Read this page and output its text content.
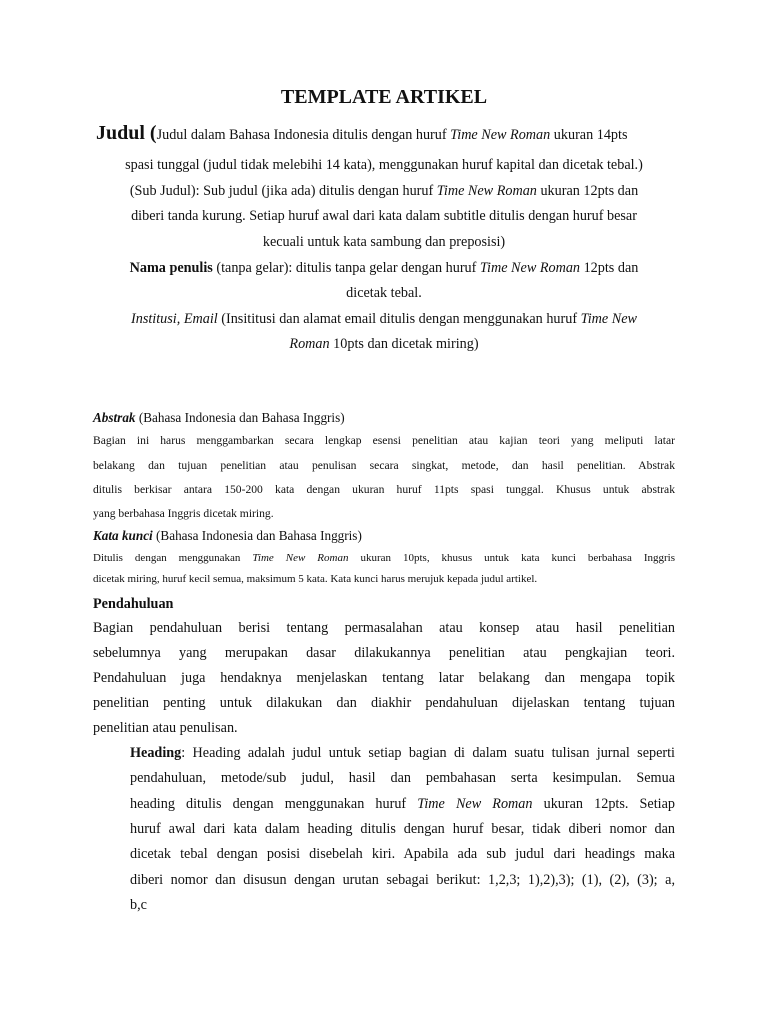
TEMPLATE ARTIKEL
Judul (Judul dalam Bahasa Indonesia ditulis dengan huruf Time New Roman ukuran 14pts
spasi tunggal (judul tidak melebihi 14 kata), menggunakan huruf kapital dan dicetak tebal.)
(Sub Judul): Sub judul (jika ada) ditulis dengan huruf Time New Roman ukuran 12pts dan
diberi tanda kurung. Setiap huruf awal dari kata dalam subtitle ditulis dengan huruf besar
kecuali untuk kata sambung dan preposisi)
Nama penulis (tanpa gelar): ditulis tanpa gelar dengan huruf Time New Roman 12pts dan
dicetak tebal.
Institusi, Email (Insititusi dan alamat email ditulis dengan menggunakan huruf Time New
Roman 10pts dan dicetak miring)
Abstrak (Bahasa Indonesia dan Bahasa Inggris)
Bagian ini harus menggambarkan secara lengkap esensi penelitian atau kajian teori yang meliputi latar
belakang dan tujuan penelitian atau penulisan secara singkat, metode, dan hasil penelitian. Abstrak
ditulis berkisar antara 150-200 kata dengan ukuran huruf 11pts spasi tunggal. Khusus untuk abstrak
yang berbahasa Inggris dicetak miring.
Kata kunci (Bahasa Indonesia dan Bahasa Inggris)
Ditulis dengan menggunakan Time New Roman ukuran 10pts, khusus untuk kata kunci berbahasa Inggris
dicetak miring, huruf kecil semua, maksimum 5 kata. Kata kunci harus merujuk kepada judul artikel.
Pendahuluan
Bagian pendahuluan berisi tentang permasalahan atau konsep atau hasil penelitian
sebelumnya yang merupakan dasar dilakukannya penelitian atau pengkajian teori.
Pendahuluan juga hendaknya menjelaskan tentang latar belakang dan mengapa topik
penelitian penting untuk dilakukan dan diakhir pendahuluan dijelaskan tentang tujuan
penelitian atau penulisan.
Heading: Heading adalah judul untuk setiap bagian di dalam suatu tulisan jurnal seperti
pendahuluan, metode/sub judul, hasil dan pembahasan serta kesimpulan. Semua
heading ditulis dengan menggunakan huruf Time New Roman ukuran 12pts. Setiap
huruf awal dari kata dalam heading ditulis dengan huruf besar, tidak diberi nomor dan
dicetak tebal dengan posisi disebelah kiri. Apabila ada sub judul dari headings maka
diberi nomor dan disusun dengan urutan sebagai berikut: 1,2,3; 1),2),3); (1), (2), (3); a,
b,c
